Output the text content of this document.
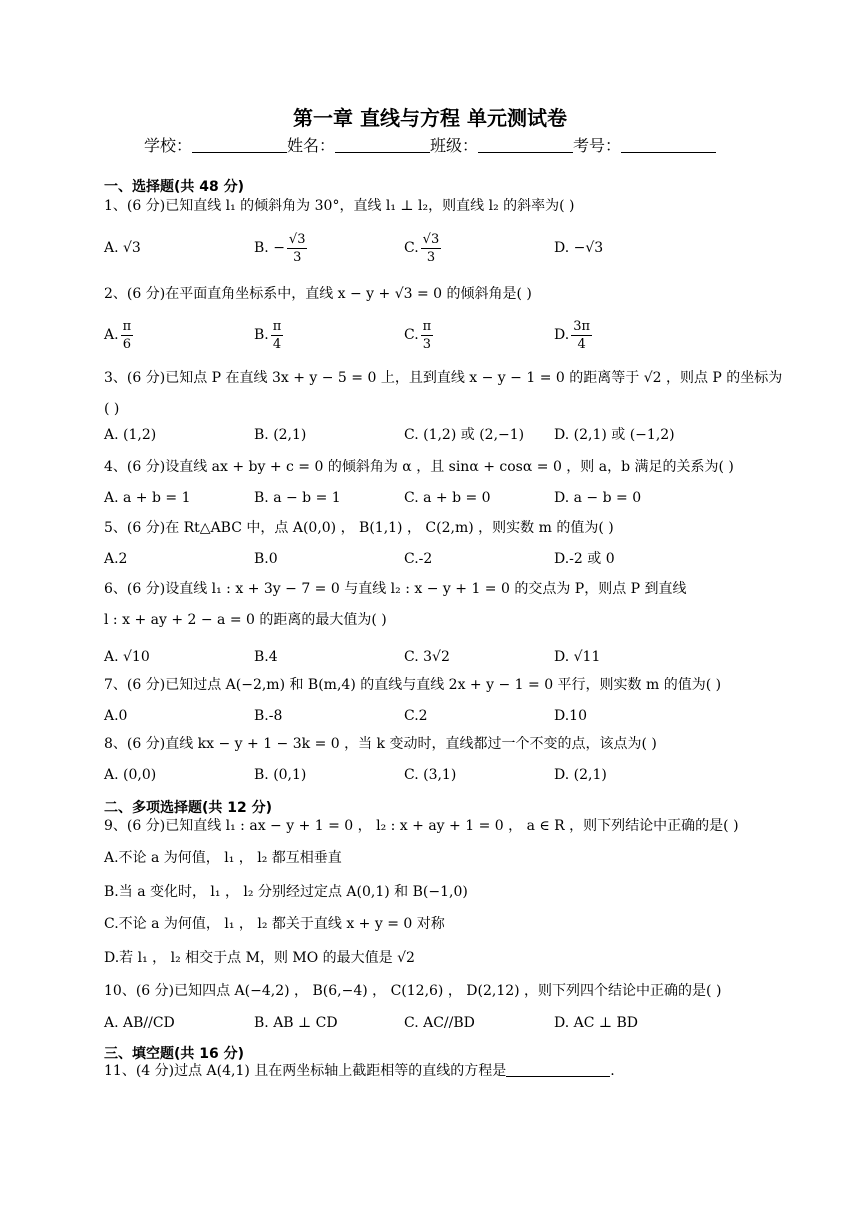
第一章 直线与方程 单元测试卷
学校：	姓名：	班级：	考号：
一、选择题(共 48 分)
1、(6 分)已知直线 l₁ 的倾斜角为 30°，直线 l₁ ⊥ l₂，则直线 l₂ 的斜率为( )
A. √3	B. − $\frac{√3}{3}$	C. $\frac{√3}{3}$	D. −√3
2、(6 分)在平面直角坐标系中，直线 x − y + √3 = 0 的倾斜角是( )
A. $\frac{\pi}{6}$	B. $\frac{\pi}{4}$	C. $\frac{\pi}{3}$	D. $\frac{3\pi}{4}$
3、(6 分)已知点 P 在直线 3x + y − 5 = 0 上，且到直线 x − y − 1 = 0 的距离等于 √2 ，则点 P 的坐标为
( )
A. (1,2)	B. (2,1)	C. (1,2) 或 (2,−1) D. (2,1) 或 (−1,2)
4、(6 分)设直线 ax + by + c = 0 的倾斜角为 α ，且 sinα + cosα = 0 ，则 a，b 满足的关系为( )
A. a + b = 1	B. a − b = 1	C. a + b = 0	D. a − b = 0
5、(6 分)在 Rt△ABC 中，点 A(0,0) ， B(1,1) ， C(2,m) ，则实数 m 的值为( )
A.2	B.0	C.-2	D.-2 或 0
6、(6 分)设直线 l₁ : x + 3y − 7 = 0 与直线 l₂ : x − y + 1 = 0 的交点为 P，则点 P 到直线
l : x + ay + 2 − a = 0 的距离的最大值为( )
A. √10	B.4	C. 3√2	D. √11
7、(6 分)已知过点 A(−2,m) 和 B(m,4) 的直线与直线 2x + y − 1 = 0 平行，则实数 m 的值为( )
A.0	B.-8	C.2	D.10
8、(6 分)直线 kx − y + 1 − 3k = 0 ，当 k 变动时，直线都过一个不变的点，该点为( )
A. (0,0)	B. (0,1)	C. (3,1)	D. (2,1)
二、多项选择题(共 12 分)
9、(6 分)已知直线 l₁ : ax − y + 1 = 0 ， l₂ : x + ay + 1 = 0 ， a ∈ R ，则下列结论中正确的是( )
A.不论 a 为何值， l₁ ， l₂ 都互相垂直
B.当 a 变化时， l₁ ， l₂ 分别经过定点 A(0,1) 和 B(−1,0)
C.不论 a 为何值， l₁ ， l₂ 都关于直线 x + y = 0 对称
D.若 l₁ ， l₂ 相交于点 M，则 MO 的最大值是 √2
10、(6 分)已知四点 A(−4,2) ， B(6,−4) ， C(12,6) ， D(2,12) ，则下列四个结论中正确的是( )
A. AB//CD	B. AB ⊥ CD	C. AC//BD	D. AC ⊥ BD
三、填空题(共 16 分)
11、(4 分)过点 A(4,1) 且在两坐标轴上截距相等的直线的方程是	.
